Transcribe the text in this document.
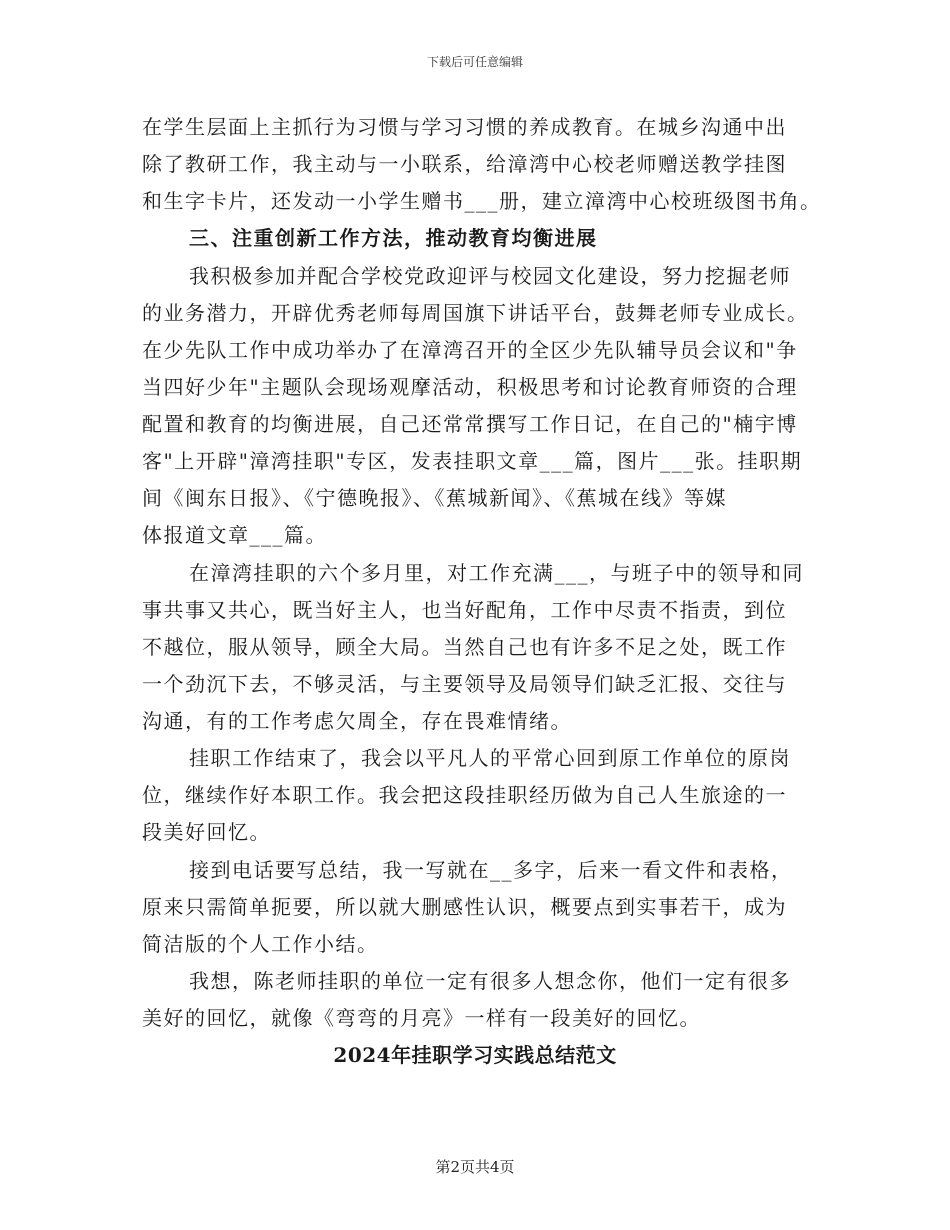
下载后可任意编辑
在学生层面上主抓行为习惯与学习习惯的养成教育。在城乡沟通中出
除了教研工作，我主动与一小联系，给漳湾中心校老师赠送教学挂图
和生字卡片，还发动一小学生赠书___册，建立漳湾中心校班级图书角。
三、注重创新工作方法，推动教育均衡进展
我积极参加并配合学校党政迎评与校园文化建设，努力挖掘老师
的业务潜力，开辟优秀老师每周国旗下讲话平台，鼓舞老师专业成长。
在少先队工作中成功举办了在漳湾召开的全区少先队辅导员会议和"争
当四好少年"主题队会现场观摩活动，积极思考和讨论教育师资的合理
配置和教育的均衡进展，自己还常常撰写工作日记，在自己的"楠宇博
客"上开辟"漳湾挂职"专区，发表挂职文章___篇，图片___张。挂职期
间《闽东日报》、《宁德晚报》、《蕉城新闻》、《蕉城在线》等媒
体报道文章___篇。
在漳湾挂职的六个多月里，对工作充满___，与班子中的领导和同
事共事又共心，既当好主人，也当好配角，工作中尽责不指责，到位
不越位，服从领导，顾全大局。当然自己也有许多不足之处，既工作
一个劲沉下去，不够灵活，与主要领导及局领导们缺乏汇报、交往与
沟通，有的工作考虑欠周全，存在畏难情绪。
挂职工作结束了，我会以平凡人的平常心回到原工作单位的原岗
位，继续作好本职工作。我会把这段挂职经历做为自己人生旅途的一
段美好回忆。
接到电话要写总结，我一写就在__多字，后来一看文件和表格，
原来只需简单扼要，所以就大删感性认识，概要点到实事若干，成为
简洁版的个人工作小结。
我想，陈老师挂职的单位一定有很多人想念你，他们一定有很多
美好的回忆，就像《弯弯的月亮》一样有一段美好的回忆。
2024年挂职学习实践总结范文
第2页共4页
